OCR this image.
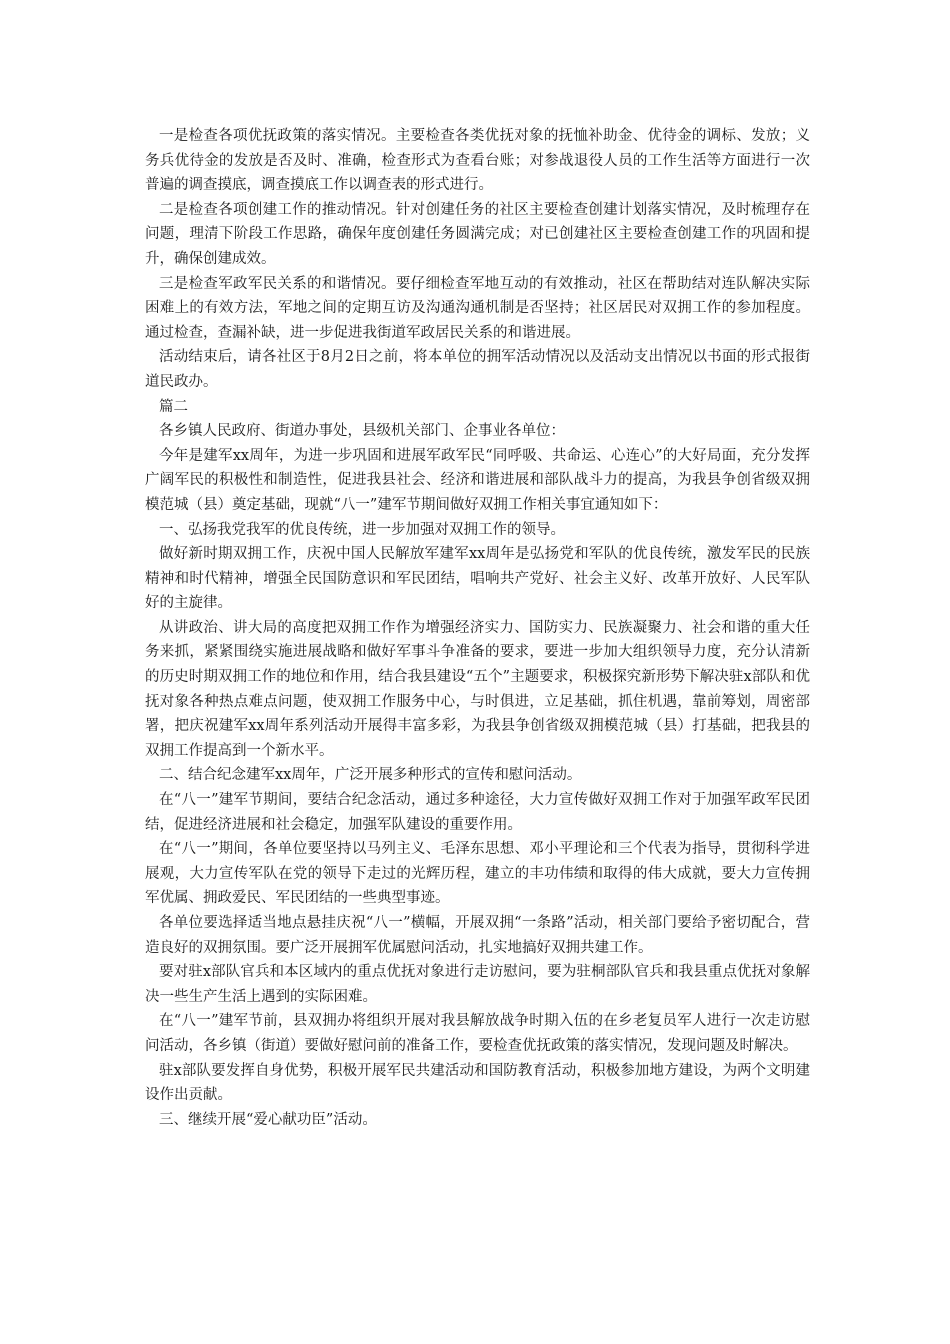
一是检查各项优抚政策的落实情况。主要检查各类优抚对象的抚恤补助金、优待金的调标、发放；义务兵优待金的发放是否及时、准确，检查形式为查看台账；对参战退役人员的工作生活等方面进行一次普遍的调查摸底，调查摸底工作以调查表的形式进行。

二是检查各项创建工作的推动情况。针对创建任务的社区主要检查创建计划落实情况，及时梳理存在问题，理清下阶段工作思路，确保年度创建任务圆满完成；对已创建社区主要检查创建工作的巩固和提升，确保创建成效。

三是检查军政军民关系的和谐情况。要仔细检查军地互动的有效推动，社区在帮助结对连队解决实际困难上的有效方法，军地之间的定期互访及沟通沟通机制是否坚持；社区居民对双拥工作的参加程度。通过检查，查漏补缺，进一步促进我街道军政居民关系的和谐进展。

活动结束后，请各社区于8月2日之前，将本单位的拥军活动情况以及活动支出情况以书面的形式报街道民政办。

篇二

各乡镇人民政府、街道办事处，县级机关部门、企事业各单位：

今年是建军xx周年，为进一步巩固和进展军政军民“同呼吸、共命运、心连心”的大好局面，充分发挥广阔军民的积极性和制造性，促进我县社会、经济和谐进展和部队战斗力的提高，为我县争创省级双拥模范城（县）奠定基础，现就“八一”建军节期间做好双拥工作相关事宜通知如下：

一、弘扬我党我军的优良传统，进一步加强对双拥工作的领导。

做好新时期双拥工作，庆祝中国人民解放军建军xx周年是弘扬党和军队的优良传统，激发军民的民族精神和时代精神，增强全民国防意识和军民团结，唱响共产党好、社会主义好、改革开放好、人民军队好的主旋律。

从讲政治、讲大局的高度把双拥工作作为增强经济实力、国防实力、民族凝聚力、社会和谐的重大任务来抓，紧紧围绕实施进展战略和做好军事斗争准备的要求，要进一步加大组织领导力度，充分认清新的历史时期双拥工作的地位和作用，结合我县建设“五个”主题要求，积极探究新形势下解决驻x部队和优抚对象各种热点难点问题，使双拥工作服务中心，与时俱进，立足基础，抓住机遇，靠前筹划，周密部署，把庆祝建军xx周年系列活动开展得丰富多彩，为我县争创省级双拥模范城（县）打基础，把我县的双拥工作提高到一个新水平。

二、结合纪念建军xx周年，广泛开展多种形式的宣传和慰问活动。

在“八一”建军节期间，要结合纪念活动，通过多种途径，大力宣传做好双拥工作对于加强军政军民团结，促进经济进展和社会稳定，加强军队建设的重要作用。

在“八一”期间，各单位要坚持以马列主义、毛泽东思想、邓小平理论和三个代表为指导，贯彻科学进展观，大力宣传军队在党的领导下走过的光辉历程，建立的丰功伟绩和取得的伟大成就，要大力宣传拥军优属、拥政爱民、军民团结的一些典型事迹。

各单位要选择适当地点悬挂庆祝“八一”横幅，开展双拥“一条路”活动，相关部门要给予密切配合，营造良好的双拥氛围。要广泛开展拥军优属慰问活动，扎实地搞好双拥共建工作。

要对驻x部队官兵和本区域内的重点优抚对象进行走访慰问，要为驻桐部队官兵和我县重点优抚对象解决一些生产生活上遇到的实际困难。

在“八一”建军节前，县双拥办将组织开展对我县解放战争时期入伍的在乡老复员军人进行一次走访慰问活动，各乡镇（街道）要做好慰问前的准备工作，要检查优抚政策的落实情况，发现问题及时解决。

驻x部队要发挥自身优势，积极开展军民共建活动和国防教育活动，积极参加地方建设，为两个文明建设作出贡献。

三、继续开展“爱心献功臣”活动。
